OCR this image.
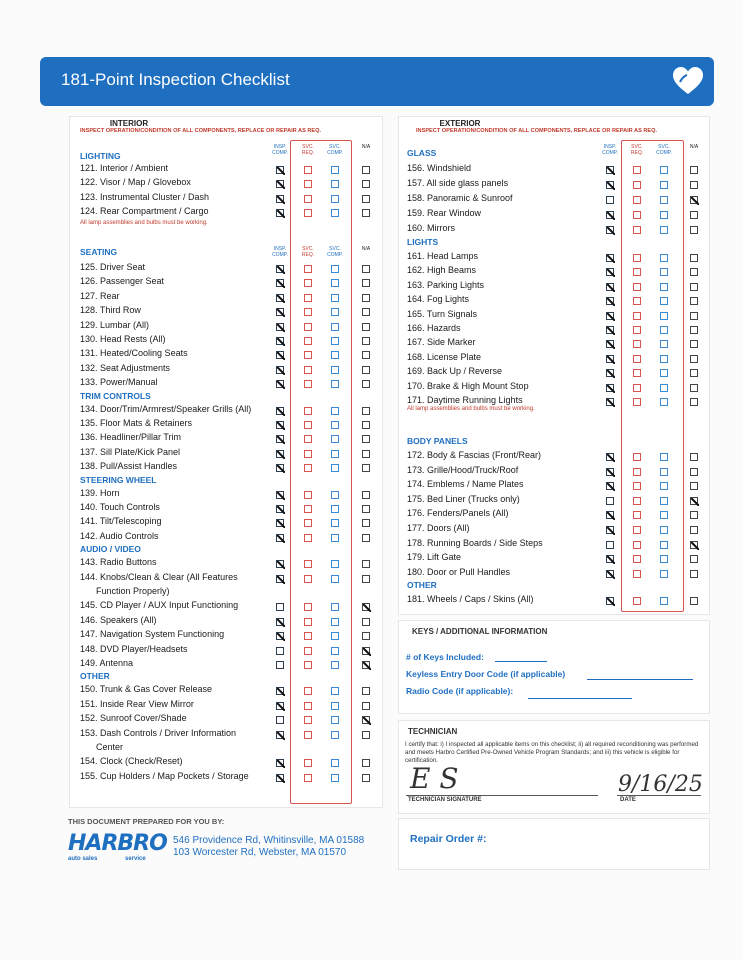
181-Point Inspection Checklist
INTERIOR
INSPECT OPERATION/CONDITION OF ALL COMPONENTS, REPLACE OR REPAIR AS REQ.
LIGHTING
INSP. COMP.
SVC. REQ.
SVC. COMP.
N/A
121. Interior / Ambient
122. Visor / Map / Glovebox
123. Instrumental Cluster / Dash
124. Rear Compartment / Cargo
All lamp assemblies and bulbs must be working.
SEATING	INSP. COMP.
SVC. REQ.
SVC. COMP.
N/A
125. Driver Seat
126. Passenger Seat
127. Rear
128. Third Row
129. Lumbar (All)
130. Head Rests (All)
131. Heated/Cooling Seats
132. Seat Adjustments
133. Power/Manual
TRIM CONTROLS
134. Door/Trim/Armrest/Speaker Grills (All)
135. Floor Mats & Retainers
136. Headliner/Pillar Trim
137. Sill Plate/Kick Panel
138. Pull/Assist Handles
STEERING WHEEL
139. Horn
140. Touch Controls
141. Tilt/Telescoping
142. Audio Controls
AUDIO / VIDEO
143. Radio Buttons
144. Knobs/Clean & Clear (All Features
Function Properly)
145. CD Player / AUX Input Functioning
146. Speakers (All)
147. Navigation System Functioning
148. DVD Player/Headsets
149. Antenna
OTHER
150. Trunk & Gas Cover Release
151. Inside Rear View Mirror
152. Sunroof Cover/Shade
153. Dash Controls / Driver Information
Center
154. Clock (Check/Reset)
155. Cup Holders / Map Pockets / Storage
EXTERIOR
INSPECT OPERATION/CONDITION OF ALL COMPONENTS, REPLACE OR REPAIR AS REQ.
GLASS
INSP. COMP.
SVC. REQ.
SVC. COMP.
N/A
156. Windshield
157. All side glass panels
158. Panoramic & Sunroof
159. Rear Window
160. Mirrors
LIGHTS
161. Head Lamps
162. High Beams
163. Parking Lights
164. Fog Lights
165. Turn Signals
166. Hazards
167. Side Marker
168. License Plate
169. Back Up / Reverse
170. Brake & High Mount Stop
171. Daytime Running Lights
All lamp assemblies and bulbs must be working.
BODY PANELS
172. Body & Fascias (Front/Rear)
173. Grille/Hood/Truck/Roof
174. Emblems / Name Plates
175. Bed Liner (Trucks only)
176. Fenders/Panels (All)
177. Doors (All)
178. Running Boards / Side Steps
179. Lift Gate
180. Door or Pull Handles
OTHER
181. Wheels / Caps / Skins (All)
KEYS / ADDITIONAL INFORMATION
# of Keys Included:
Keyless Entry Door Code (if applicable)
Radio Code (if applicable):
TECHNICIAN
I certify that: i) I inspected all applicable items on this checklist; ii) all required reconditioning was performed and meets Harbro Certified Pre-Owned Vehicle Program Standards; and iii) this vehicle is eligible for certification.
E S
TECHNICIAN SIGNATURE
9/16/25
DATE
THIS DOCUMENT PREPARED FOR YOU BY:
HARBRO
auto sales	service
546 Providence Rd, Whitinsville, MA 01588
103 Worcester Rd, Webster, MA 01570
Repair Order #:
